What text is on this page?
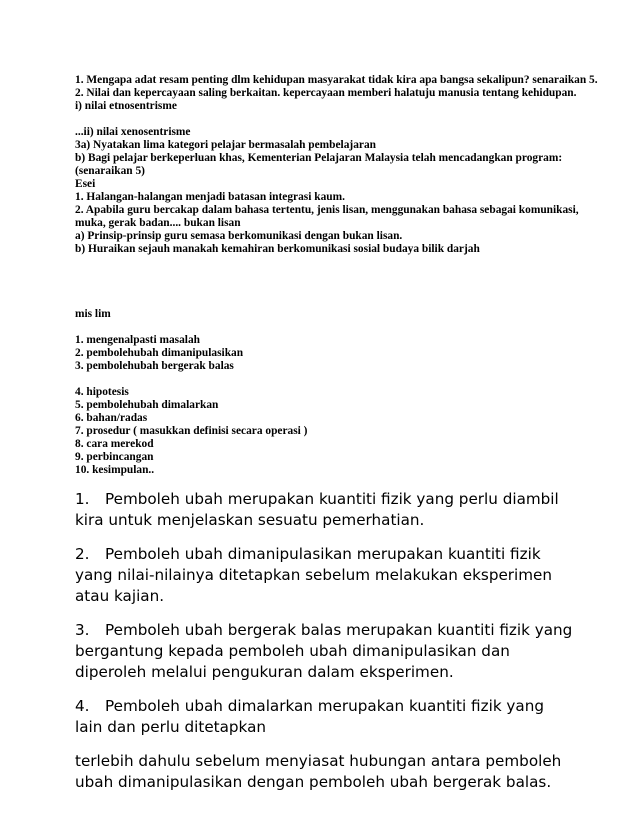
1. Mengapa adat resam penting dlm kehidupan masyarakat tidak kira apa bangsa sekalipun? senaraikan 5.

2. Nilai dan kepercayaan saling berkaitan. kepercayaan memberi halatuju manusia tentang kehidupan.

i) nilai etnosentrisme

...ii) nilai xenosentrisme

3a) Nyatakan lima kategori pelajar bermasalah pembelajaran

b) Bagi pelajar berkeperluan khas, Kementerian Pelajaran Malaysia telah mencadangkan program:

(senaraikan 5)

Esei

1. Halangan-halangan menjadi batasan integrasi kaum.

2. Apabila guru bercakap dalam bahasa tertentu, jenis lisan, menggunakan bahasa sebagai komunikasi,

muka, gerak badan.... bukan lisan

a) Prinsip-prinsip guru semasa berkomunikasi dengan bukan lisan.

b) Huraikan sejauh manakah kemahiran berkomunikasi sosial budaya bilik darjah

mis lim

1. mengenalpasti masalah

2. pembolehubah dimanipulasikan

3. pembolehubah bergerak balas

4. hipotesis

5. pembolehubah dimalarkan

6. bahan/radas

7. prosedur ( masukkan definisi secara operasi )

8. cara merekod

9. perbincangan

10. kesimpulan..

1. Pemboleh ubah merupakan kuantiti fizik yang perlu diambil kira untuk menjelaskan sesuatu pemerhatian.

2. Pemboleh ubah dimanipulasikan merupakan kuantiti fizik yang nilai-nilainya ditetapkan sebelum melakukan eksperimen atau kajian.

3. Pemboleh ubah bergerak balas merupakan kuantiti fizik yang bergantung kepada pemboleh ubah dimanipulasikan dan diperoleh melalui pengukuran dalam eksperimen.

4. Pemboleh ubah dimalarkan merupakan kuantiti fizik yang lain dan perlu ditetapkan

terlebih dahulu sebelum menyiasat hubungan antara pemboleh ubah dimanipulasikan dengan pemboleh ubah bergerak balas.
